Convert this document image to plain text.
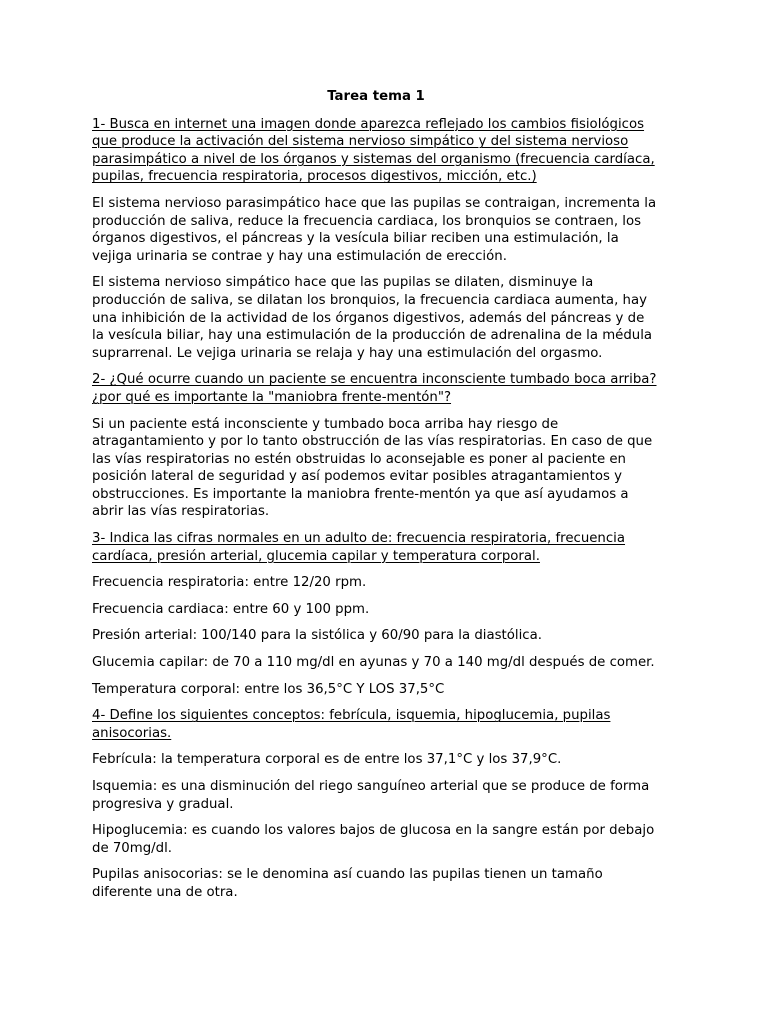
Tarea tema 1

1- Busca en internet una imagen donde aparezca reflejado los cambios fisiológicos que produce la activación del sistema nervioso simpático y del sistema nervioso parasimpático a nivel de los órganos y sistemas del organismo (frecuencia cardíaca, pupilas, frecuencia respiratoria, procesos digestivos, micción, etc.)

El sistema nervioso parasimpático hace que las pupilas se contraigan, incrementa la producción de saliva, reduce la frecuencia cardiaca, los bronquios se contraen, los órganos digestivos, el páncreas y la vesícula biliar reciben una estimulación, la vejiga urinaria se contrae y hay una estimulación de erección.

El sistema nervioso simpático hace que las pupilas se dilaten, disminuye la producción de saliva, se dilatan los bronquios, la frecuencia cardiaca aumenta, hay una inhibición de la actividad de los órganos digestivos, además del páncreas y de la vesícula biliar, hay una estimulación de la producción de adrenalina de la médula suprarrenal. Le vejiga urinaria se relaja y hay una estimulación del orgasmo.

2- ¿Qué ocurre cuando un paciente se encuentra inconsciente tumbado boca arriba? ¿por qué es importante la "maniobra frente-mentón"?

Si un paciente está inconsciente y tumbado boca arriba hay riesgo de atragantamiento y por lo tanto obstrucción de las vías respiratorias. En caso de que las vías respiratorias no estén obstruidas lo aconsejable es poner al paciente en posición lateral de seguridad y así podemos evitar posibles atragantamientos y obstrucciones. Es importante la maniobra frente-mentón ya que así ayudamos a abrir las vías respiratorias.

3- Indica las cifras normales en un adulto de: frecuencia respiratoria, frecuencia cardíaca, presión arterial, glucemia capilar y temperatura corporal.

Frecuencia respiratoria: entre 12/20 rpm.

Frecuencia cardiaca: entre 60 y 100 ppm.

Presión arterial: 100/140 para la sistólica y 60/90 para la diastólica.

Glucemia capilar: de 70 a 110 mg/dl en ayunas y 70 a 140 mg/dl después de comer.

Temperatura corporal: entre los 36,5°C Y LOS 37,5°C

4- Define los siguientes conceptos: febrícula, isquemia, hipoglucemia, pupilas anisocorias.

Febrícula: la temperatura corporal es de entre los 37,1°C y los 37,9°C.

Isquemia: es una disminución del riego sanguíneo arterial que se produce de forma progresiva y gradual.

Hipoglucemia: es cuando los valores bajos de glucosa en la sangre están por debajo de 70mg/dl.

Pupilas anisocorias: se le denomina así cuando las pupilas tienen un tamaño diferente una de otra.
